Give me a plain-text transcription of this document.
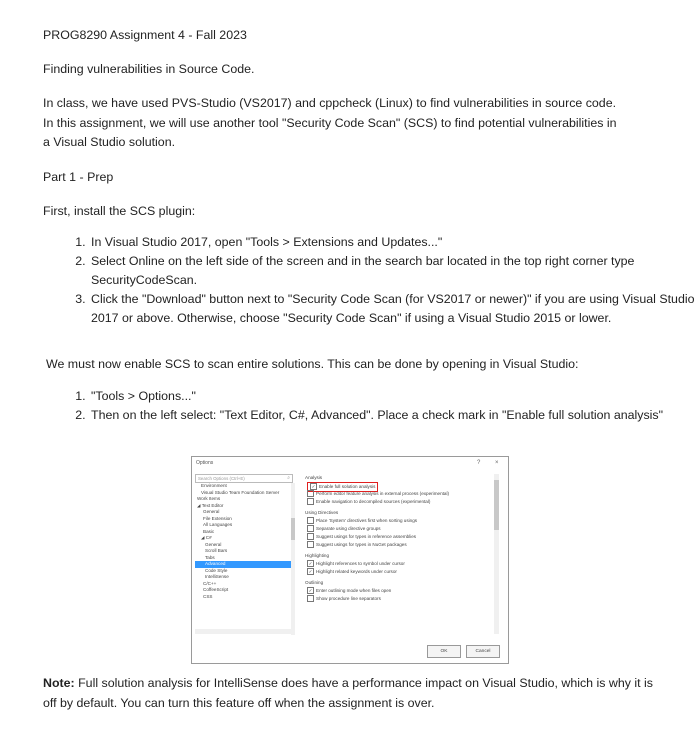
PROG8290 Assignment 4 - Fall 2023

Finding vulnerabilities in Source Code.

In class, we have used PVS-Studio (VS2017) and cppcheck (Linux) to find vulnerabilities in source code.
In this assignment, we will use another tool "Security Code Scan" (SCS) to find potential vulnerabilities in
a Visual Studio solution.

Part 1 - Prep

First, install the SCS plugin:

1. In Visual Studio 2017, open "Tools > Extensions and Updates..."
2. Select Online on the left side of the screen and in the search bar located in the top right corner type SecurityCodeScan.
3. Click the "Download" button next to "Security Code Scan (for VS2017 or newer)" if you are using Visual Studio 2017 or above. Otherwise, choose "Security Code Scan" if using a Visual Studio 2015 or lower.

We must now enable SCS to scan entire solutions. This can be done by opening in Visual Studio:

1. "Tools > Options..."
2. Then on the left select: "Text Editor, C#, Advanced". Place a check mark in "Enable full solution analysis"
Options	? ×
Search Options (Ctrl+E)	⌕
Environment
Visual Studio Team Foundation Server
Work Items
◢ Text Editor
General
File Extension
All Languages
Basic
◢ C#
General
Scroll Bars
Tabs
Advanced
Code Style
IntelliSense
C/C++
CoffeeScript
CSS
Analysis
✓ Enable full solution analysis
Perform editor feature analysis in external process (experimental)
Enable navigation to decompiled sources (experimental)
Using Directives
Place 'System' directives first when sorting usings
Separate using directive groups
Suggest usings for types in reference assemblies
Suggest usings for types in NuGet packages
Highlighting
✓ Highlight references to symbol under cursor
✓ Highlight related keywords under cursor
Outlining
✓ Enter outlining mode when files open
Show procedure line separators
OK	Cancel

Note: Full solution analysis for IntelliSense does have a performance impact on Visual Studio, which is why it is off by default. You can turn this feature off when the assignment is over.
